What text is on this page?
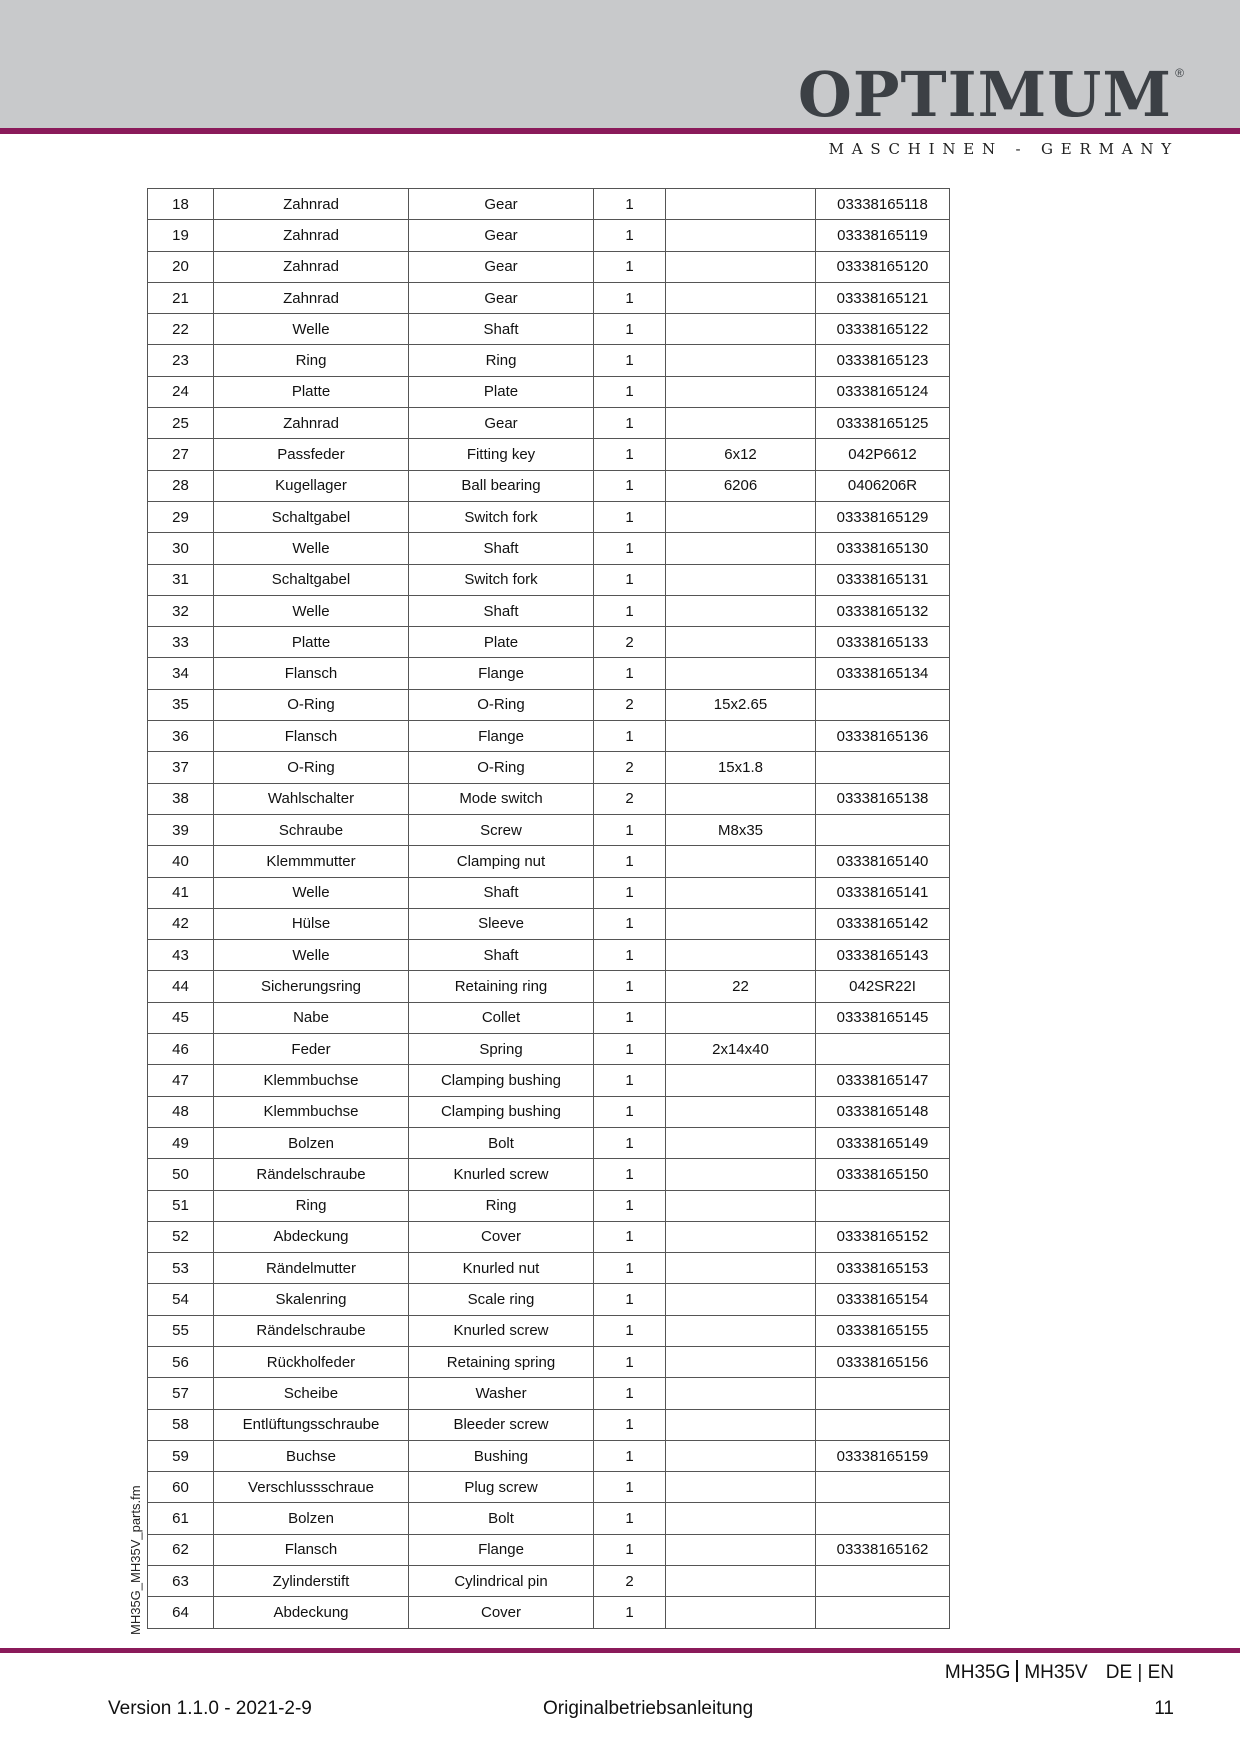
OPTIMUM ®
MASCHINEN - GERMANY
18	Zahnrad	Gear	1		03338165118
19	Zahnrad	Gear	1		03338165119
20	Zahnrad	Gear	1		03338165120
21	Zahnrad	Gear	1		03338165121
22	Welle	Shaft	1		03338165122
23	Ring	Ring	1		03338165123
24	Platte	Plate	1		03338165124
25	Zahnrad	Gear	1		03338165125
27	Passfeder	Fitting key	1	6x12	042P6612
28	Kugellager	Ball bearing	1	6206	0406206R
29	Schaltgabel	Switch fork	1		03338165129
30	Welle	Shaft	1		03338165130
31	Schaltgabel	Switch fork	1		03338165131
32	Welle	Shaft	1		03338165132
33	Platte	Plate	2		03338165133
34	Flansch	Flange	1		03338165134
35	O-Ring	O-Ring	2	15x2.65	
36	Flansch	Flange	1		03338165136
37	O-Ring	O-Ring	2	15x1.8	
38	Wahlschalter	Mode switch	2		03338165138
39	Schraube	Screw	1	M8x35	
40	Klemmmutter	Clamping nut	1		03338165140
41	Welle	Shaft	1		03338165141
42	Hülse	Sleeve	1		03338165142
43	Welle	Shaft	1		03338165143
44	Sicherungsring	Retaining ring	1	22	042SR22I
45	Nabe	Collet	1		03338165145
46	Feder	Spring	1	2x14x40	
47	Klemmbuchse	Clamping bushing	1		03338165147
48	Klemmbuchse	Clamping bushing	1		03338165148
49	Bolzen	Bolt	1		03338165149
50	Rändelschraube	Knurled screw	1		03338165150
51	Ring	Ring	1		
52	Abdeckung	Cover	1		03338165152
53	Rändelmutter	Knurled nut	1		03338165153
54	Skalenring	Scale ring	1		03338165154
55	Rändelschraube	Knurled screw	1		03338165155
56	Rückholfeder	Retaining spring	1		03338165156
57	Scheibe	Washer	1		
58	Entlüftungsschraube	Bleeder screw	1		
59	Buchse	Bushing	1		03338165159
60	Verschlussschraue	Plug screw	1		
61	Bolzen	Bolt	1		
62	Flansch	Flange	1		03338165162
63	Zylinderstift	Cylindrical pin	2		
64	Abdeckung	Cover	1		
MH35G_MH35V_parts.fm
MH35G MH35V DE | EN
Version 1.1.0 - 2021-2-9	Originalbetriebsanleitung	11
